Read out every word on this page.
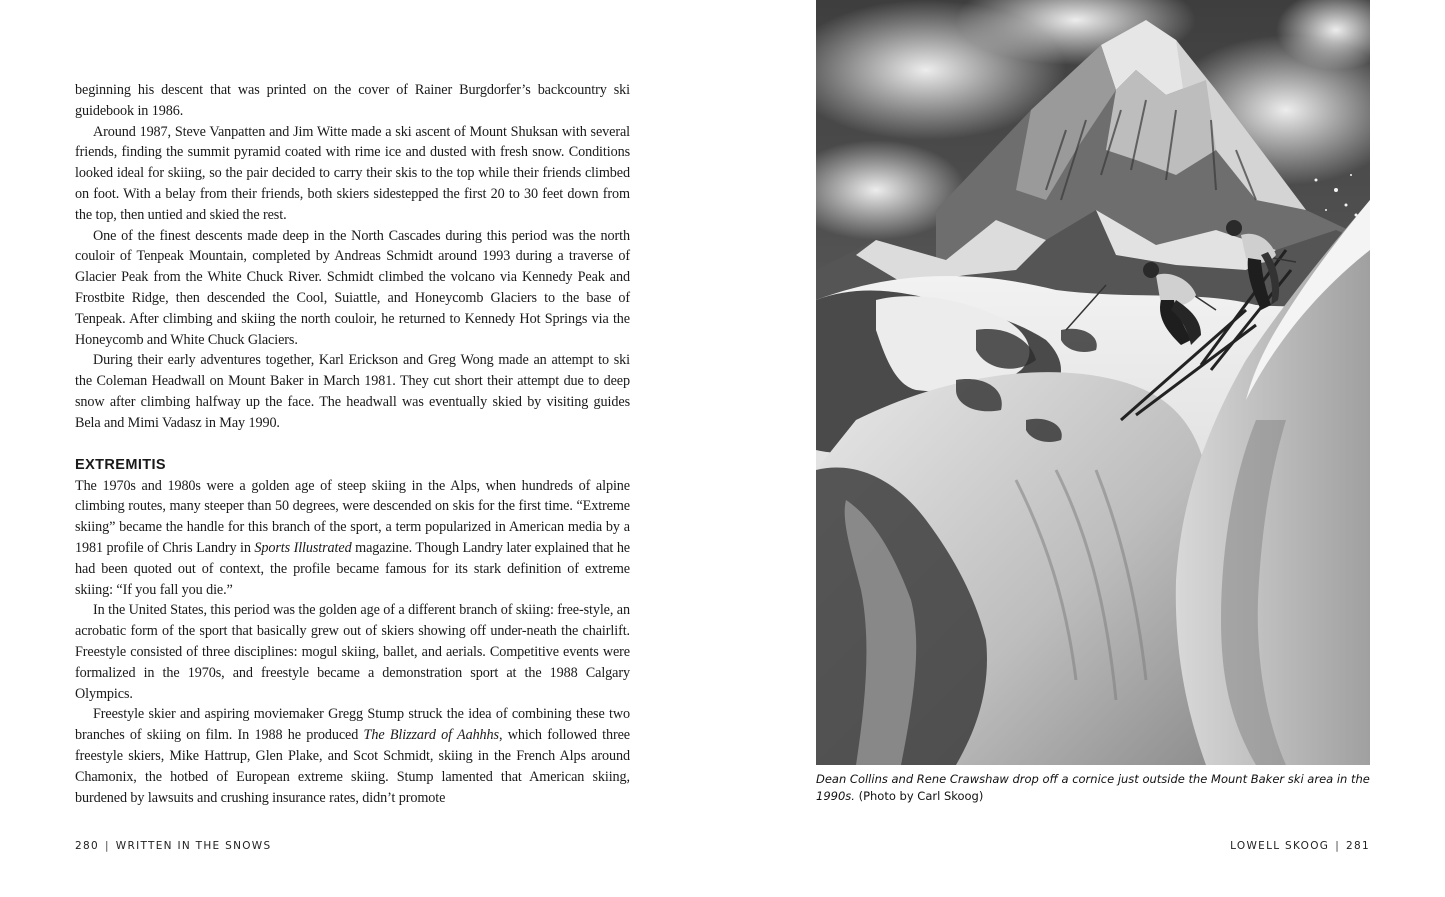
beginning his descent that was printed on the cover of Rainer Burgdorfer’s backcountry ski guidebook in 1986.

Around 1987, Steve Vanpatten and Jim Witte made a ski ascent of Mount Shuksan with several friends, finding the summit pyramid coated with rime ice and dusted with fresh snow. Conditions looked ideal for skiing, so the pair decided to carry their skis to the top while their friends climbed on foot. With a belay from their friends, both skiers sidestepped the first 20 to 30 feet down from the top, then untied and skied the rest.

One of the finest descents made deep in the North Cascades during this period was the north couloir of Tenpeak Mountain, completed by Andreas Schmidt around 1993 during a traverse of Glacier Peak from the White Chuck River. Schmidt climbed the volcano via Kennedy Peak and Frostbite Ridge, then descended the Cool, Suiattle, and Honeycomb Glaciers to the base of Tenpeak. After climbing and skiing the north couloir, he returned to Kennedy Hot Springs via the Honeycomb and White Chuck Glaciers.

During their early adventures together, Karl Erickson and Greg Wong made an attempt to ski the Coleman Headwall on Mount Baker in March 1981. They cut short their attempt due to deep snow after climbing halfway up the face. The headwall was eventually skied by visiting guides Bela and Mimi Vadasz in May 1990.

EXTREMITIS

The 1970s and 1980s were a golden age of steep skiing in the Alps, when hundreds of alpine climbing routes, many steeper than 50 degrees, were descended on skis for the first time. “Extreme skiing” became the handle for this branch of the sport, a term popularized in American media by a 1981 profile of Chris Landry in Sports Illustrated magazine. Though Landry later explained that he had been quoted out of context, the profile became famous for its stark definition of extreme skiing: “If you fall you die.”

In the United States, this period was the golden age of a different branch of skiing: free-style, an acrobatic form of the sport that basically grew out of skiers showing off under-neath the chairlift. Freestyle consisted of three disciplines: mogul skiing, ballet, and aerials. Competitive events were formalized in the 1970s, and freestyle became a demonstration sport at the 1988 Calgary Olympics.

Freestyle skier and aspiring moviemaker Gregg Stump struck the idea of combining these two branches of skiing on film. In 1988 he produced The Blizzard of Aahhhs, which followed three freestyle skiers, Mike Hattrup, Glen Plake, and Scot Schmidt, skiing in the French Alps around Chamonix, the hotbed of European extreme skiing. Stump lamented that American skiing, burdened by lawsuits and crushing insurance rates, didn’t promote

280 | WRITTEN IN THE SNOWS
Dean Collins and Rene Crawshaw drop off a cornice just outside the Mount Baker ski area in the 1990s. (Photo by Carl Skoog)
LOWELL SKOOG | 281
